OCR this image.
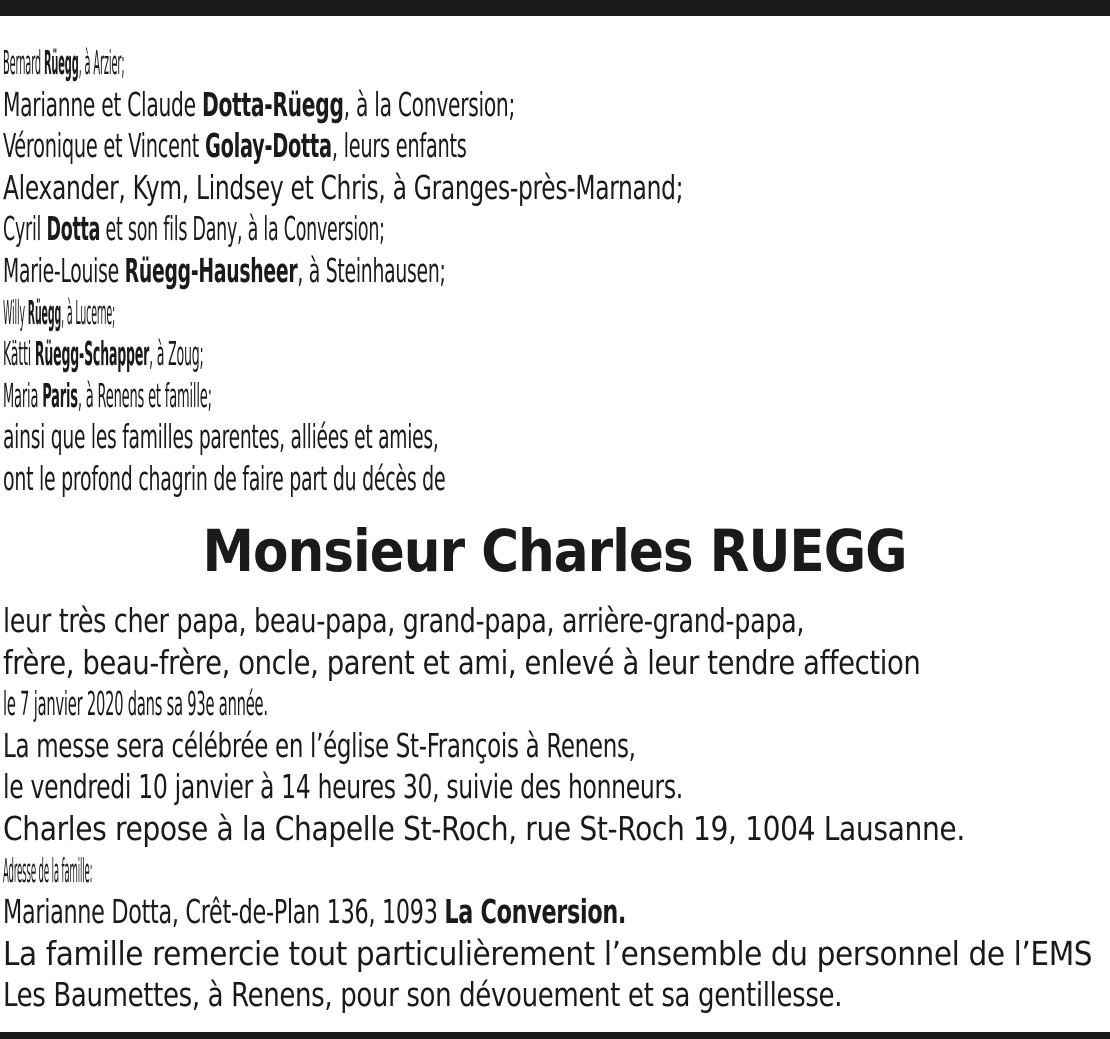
Bernard Rüegg, à Arzier;
Marianne et Claude Dotta-Rüegg, à la Conversion;
Véronique et Vincent Golay-Dotta, leurs enfants
Alexander, Kym, Lindsey et Chris, à Granges-près-Marnand;
Cyril Dotta et son fils Dany, à la Conversion;
Marie-Louise Rüegg-Hausheer, à Steinhausen;
Willy Rüegg, à Lucerne;
Kätti Rüegg-Schapper, à Zoug;
Maria Paris, à Renens et famille;
ainsi que les familles parentes, alliées et amies,
ont le profond chagrin de faire part du décès de
Monsieur Charles RUEGG
leur très cher papa, beau-papa, grand-papa, arrière-grand-papa,
frère, beau-frère, oncle, parent et ami, enlevé à leur tendre affection
le 7 janvier 2020 dans sa 93e année.
La messe sera célébrée en l’église St-François à Renens,
le vendredi 10 janvier à 14 heures 30, suivie des honneurs.
Charles repose à la Chapelle St-Roch, rue St-Roch 19, 1004 Lausanne.
Adresse de la famille:
Marianne Dotta, Crêt-de-Plan 136, 1093 La Conversion.
La famille remercie tout particulièrement l’ensemble du personnel de l’EMS
Les Baumettes, à Renens, pour son dévouement et sa gentillesse.
